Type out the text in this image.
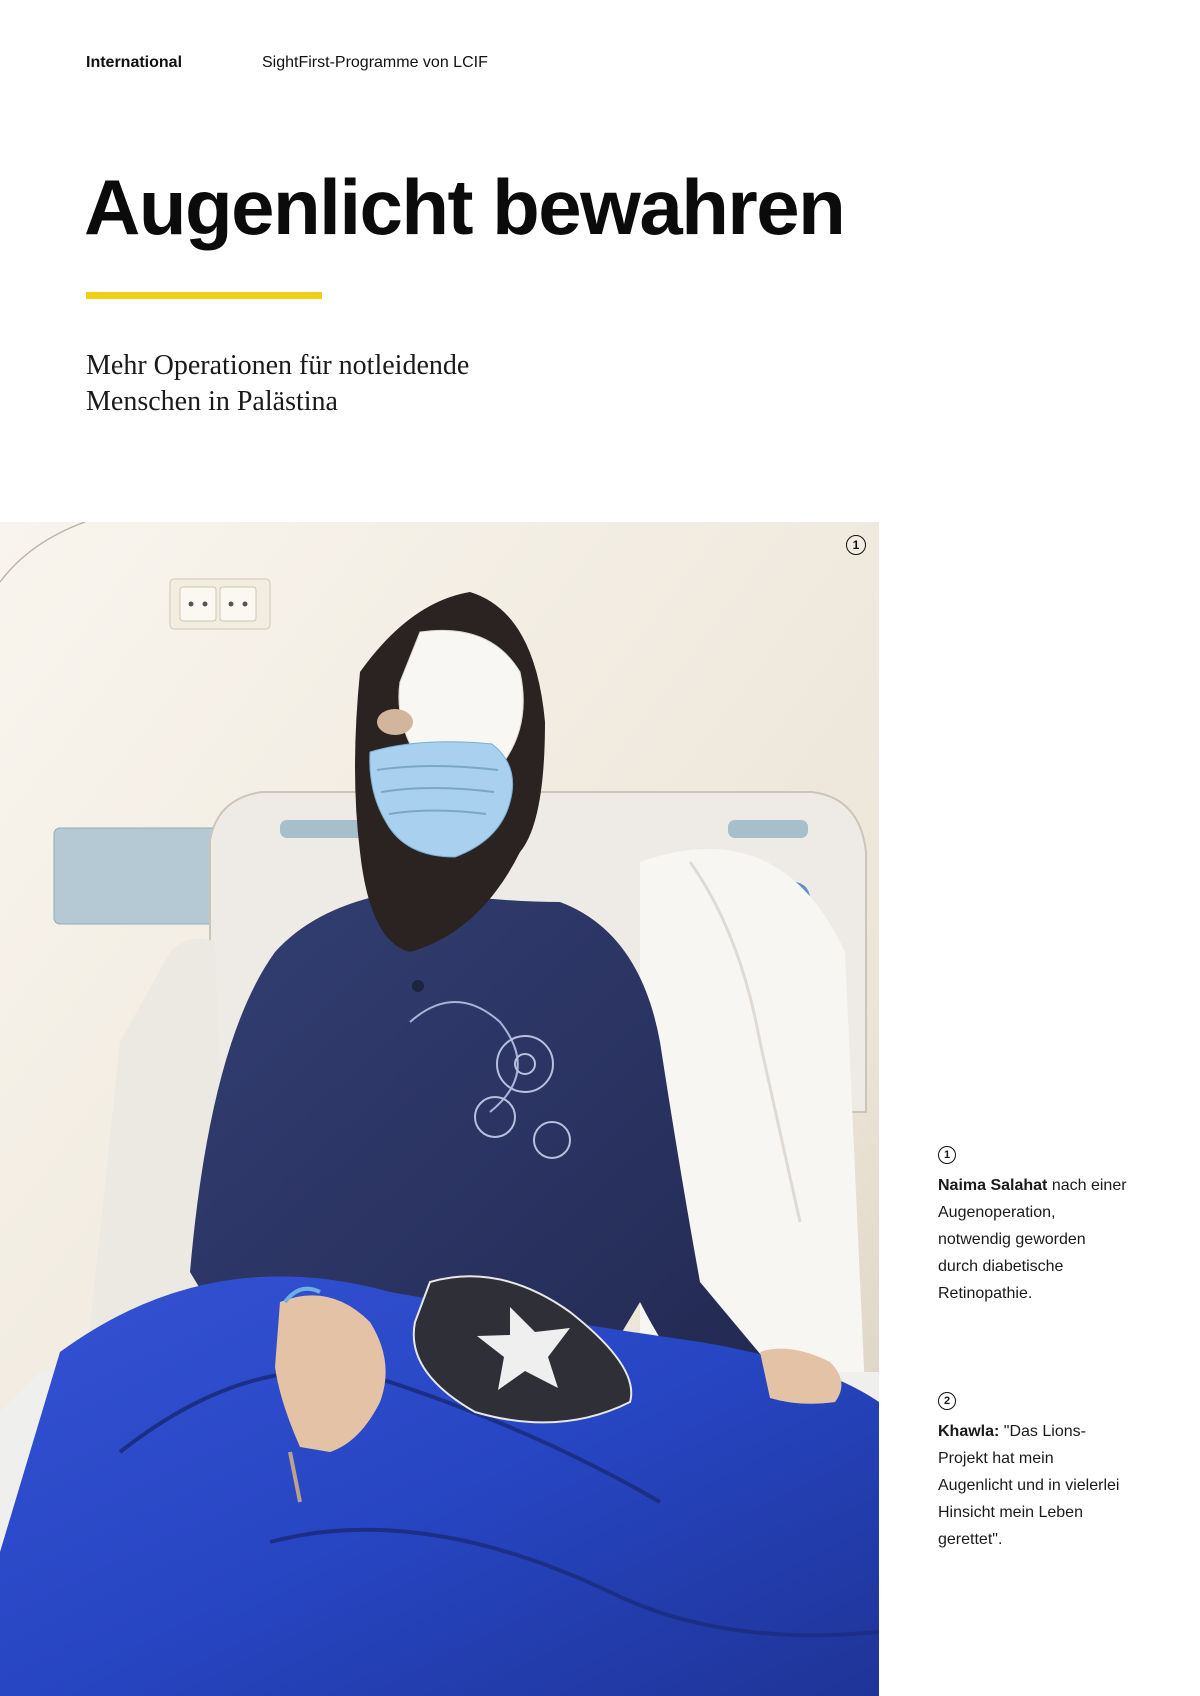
International	SightFirst-Programme von LCIF
Augenlicht bewahren
Mehr Operationen für notleidende
Menschen in Palästina
1
1
Naima Salahat nach einer Augenoperation, notwendig geworden durch diabetische Retinopathie.
2
Khawla: "Das Lions-Projekt hat mein Augenlicht und in vielerlei Hinsicht mein Leben gerettet".
